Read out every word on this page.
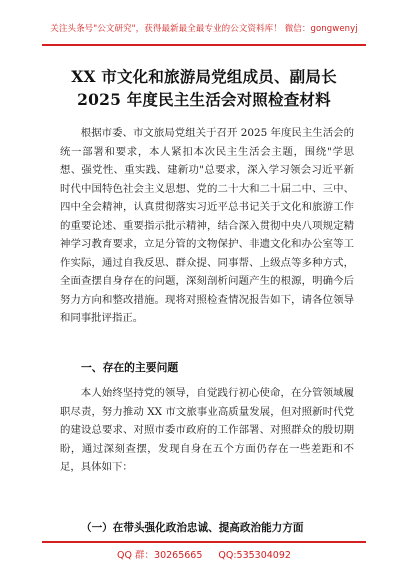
关注头条号"公文研究"，获得最新最全最专业的公文资料库！ 微信：gongwenyj
XX 市文化和旅游局党组成员、副局长
2025 年度民主生活会对照检查材料

根据市委、市文旅局党组关于召开 2025 年度民主生活会的统一部署和要求，本人紧扣本次民主生活会主题，围绕"学思想、强党性、重实践、建新功"总要求，深入学习领会习近平新时代中国特色社会主义思想、党的二十大和二十届二中、三中、四中全会精神，认真贯彻落实习近平总书记关于文化和旅游工作的重要论述、重要指示批示精神，结合深入贯彻中央八项规定精神学习教育要求，立足分管的文物保护、非遗文化和办公室等工作实际，通过自我反思、群众提、同事帮、上级点等多种方式，全面查摆自身存在的问题，深刻剖析问题产生的根源，明确今后努力方向和整改措施。现将对照检查情况报告如下，请各位领导和同事批评指正。

一、存在的主要问题

本人始终坚持党的领导，自觉践行初心使命，在分管领域履职尽责，努力推动 XX 市文旅事业高质量发展，但对照新时代党的建设总要求、对照市委市政府的工作部署、对照群众的殷切期盼，通过深刻查摆，发现自身在五个方面仍存在一些差距和不足，具体如下：

（一）在带头强化政治忠诚、提高政治能力方面
QQ 群：30265665 QQ:535304092
